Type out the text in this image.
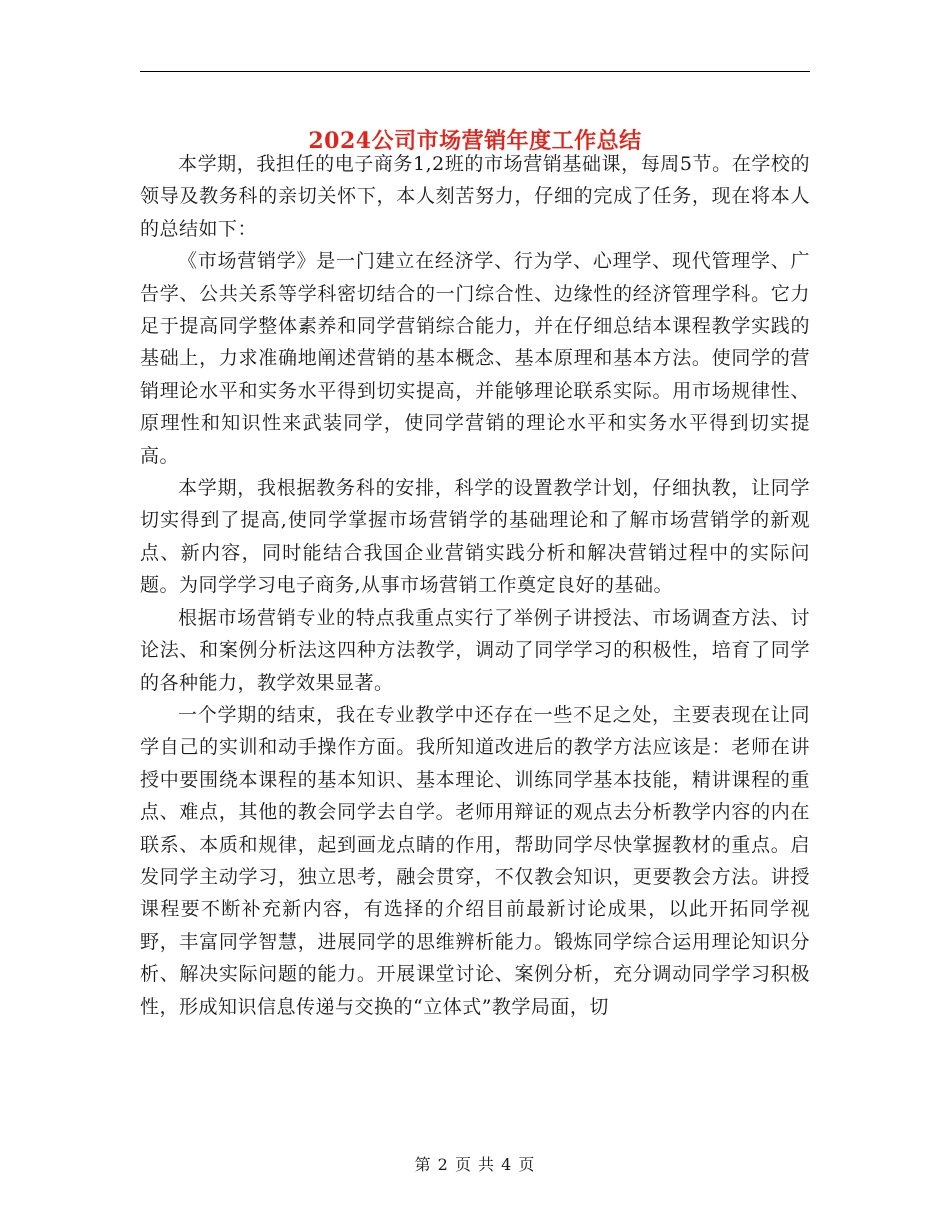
2024公司市场营销年度工作总结

本学期，我担任的电子商务1,2班的市场营销基础课，每周5节。在学校的领导及教务科的亲切关怀下，本人刻苦努力，仔细的完成了任务，现在将本人的总结如下：

《市场营销学》是一门建立在经济学、行为学、心理学、现代管理学、广告学、公共关系等学科密切结合的一门综合性、边缘性的经济管理学科。它力足于提高同学整体素养和同学营销综合能力，并在仔细总结本课程教学实践的基础上，力求准确地阐述营销的基本概念、基本原理和基本方法。使同学的营销理论水平和实务水平得到切实提高，并能够理论联系实际。用市场规律性、原理性和知识性来武装同学，使同学营销的理论水平和实务水平得到切实提高。

本学期，我根据教务科的安排，科学的设置教学计划，仔细执教，让同学切实得到了提高,使同学掌握市场营销学的基础理论和了解市场营销学的新观点、新内容，同时能结合我国企业营销实践分析和解决营销过程中的实际问题。为同学学习电子商务,从事市场营销工作奠定良好的基础。

根据市场营销专业的特点我重点实行了举例子讲授法、市场调查方法、讨论法、和案例分析法这四种方法教学，调动了同学学习的积极性，培育了同学的各种能力，教学效果显著。

一个学期的结束，我在专业教学中还存在一些不足之处，主要表现在让同学自己的实训和动手操作方面。我所知道改进后的教学方法应该是：老师在讲授中要围绕本课程的基本知识、基本理论、训练同学基本技能，精讲课程的重点、难点，其他的教会同学去自学。老师用辩证的观点去分析教学内容的内在联系、本质和规律，起到画龙点睛的作用，帮助同学尽快掌握教材的重点。启发同学主动学习，独立思考，融会贯穿，不仅教会知识，更要教会方法。讲授课程要不断补充新内容，有选择的介绍目前最新讨论成果，以此开拓同学视野，丰富同学智慧，进展同学的思维辨析能力。锻炼同学综合运用理论知识分析、解决实际问题的能力。开展课堂讨论、案例分析，充分调动同学学习积极性，形成知识信息传递与交换的“立体式”教学局面，切

第 2 页 共 4 页
